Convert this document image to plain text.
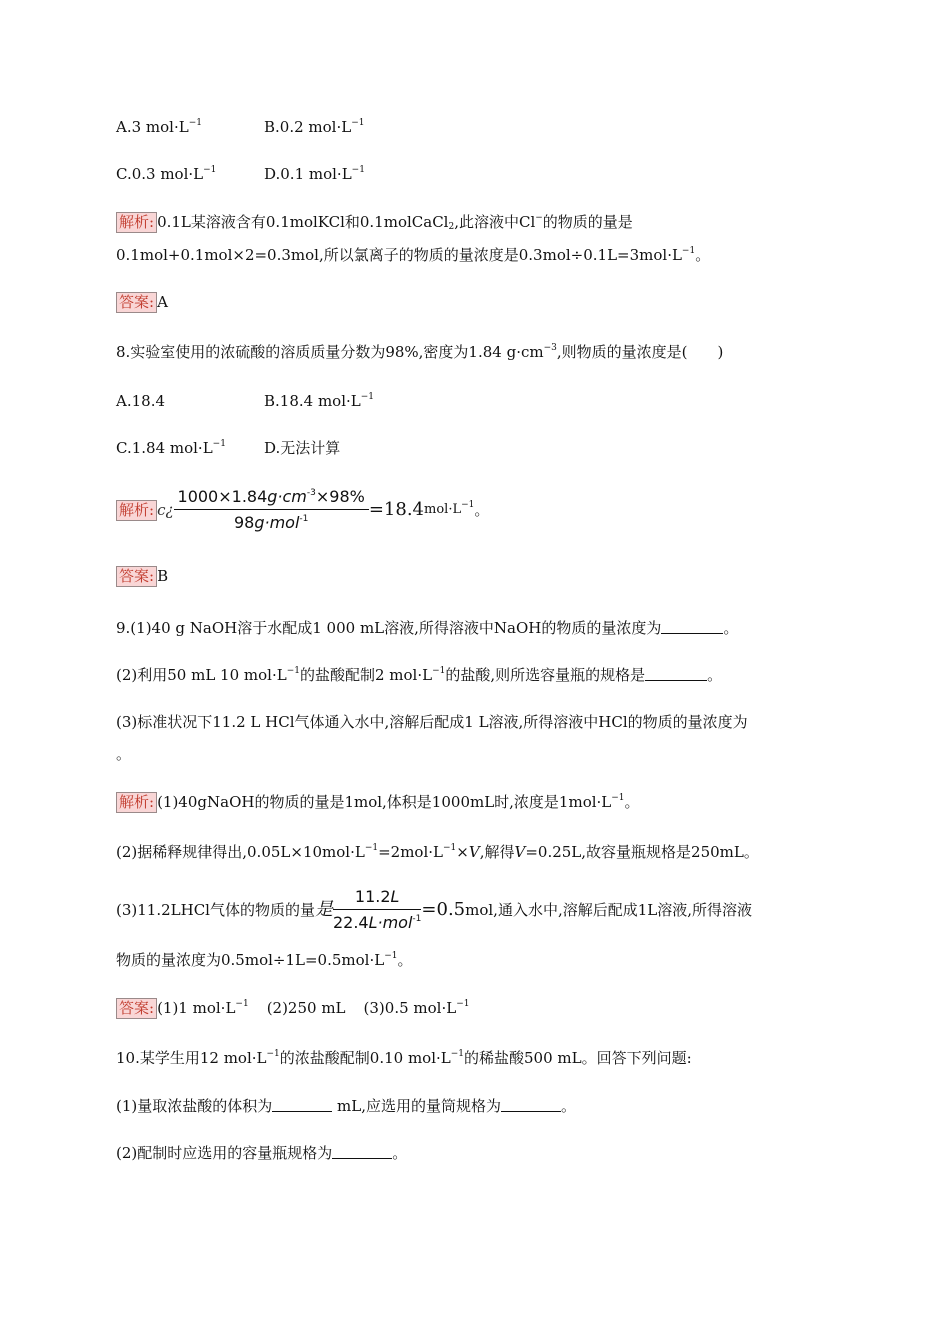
A.3 $mol\cdot L^{-1}$	B.0.2 $mol\cdot L^{-1}$
C.0.3 $mol\cdot L^{-1}$	D.0.1 $mol\cdot L^{-1}$
解析: 0.1L某溶液含有0.1molKCl和0.1molCaCl$_2$,此溶液中Cl−的物质的量是
0.1mol+0.1mol×2=0.3mol,所以氯离子的物质的量浓度是$0.3mol\div 0.1L=3mol\cdot L^{-1}$。
答案: A
8.实验室使用的浓硫酸的溶质质量分数为98%,密度为1.84 $g\cdot cm^{-3}$,则物质的量浓度是(　　)
A.18.4	B.18.4 $mol\cdot L^{-1}$
C.1.84 $mol\cdot L^{-1}$	D.无法计算
解析: c¿ $\frac{1000\times 1.84g\cdot cm^{-3}\times 98\%}{98g\cdot mol^{-1}} =18.4mol\cdot L^{-1}$。
答案: B
9.(1)40 g NaOH溶于水配成1 000 mL溶液,所得溶液中NaOH的物质的量浓度为	。
(2)利用50 mL 10 $mol\cdot L^{-1}$的盐酸配制2 $mol\cdot L^{-1}$的盐酸,则所选容量瓶的规格是	。
(3)标准状况下11.2 L HCl气体通入水中,溶解后配成1 L溶液,所得溶液中HCl的物质的量浓度为
。
解析: (1)40gNaOH的物质的量是1mol,体积是1000mL时,浓度是$1mol\cdot L^{-1}$。
(2)据稀释规律得出$,0.05L\times 10mol\cdot L^{-1}=2mol\cdot L^{-1}\times V$,解得V=0.25L,故容量瓶规格是250mL。
(3)11.2LHCl气体的物质的量是 $\frac{11.2L}{22.4L\cdot mol^{-1}} =0.5mol$,通入水中,溶解后配成1L溶液,所得溶液
物质的量浓度为$0.5mol\div 1L=0.5mol\cdot L^{-1}$。
答案: (1)1 $mol\cdot L^{-1}$ (2)250 mL (3)0.5 $mol\cdot L^{-1}$
10.某学生用12 $mol\cdot L^{-1}$的浓盐酸配制0.10 $mol\cdot L^{-1}$的稀盐酸500 mL。回答下列问题:
(1)量取浓盐酸的体积为	mL,应选用的量筒规格为	。
(2)配制时应选用的容量瓶规格为	。
